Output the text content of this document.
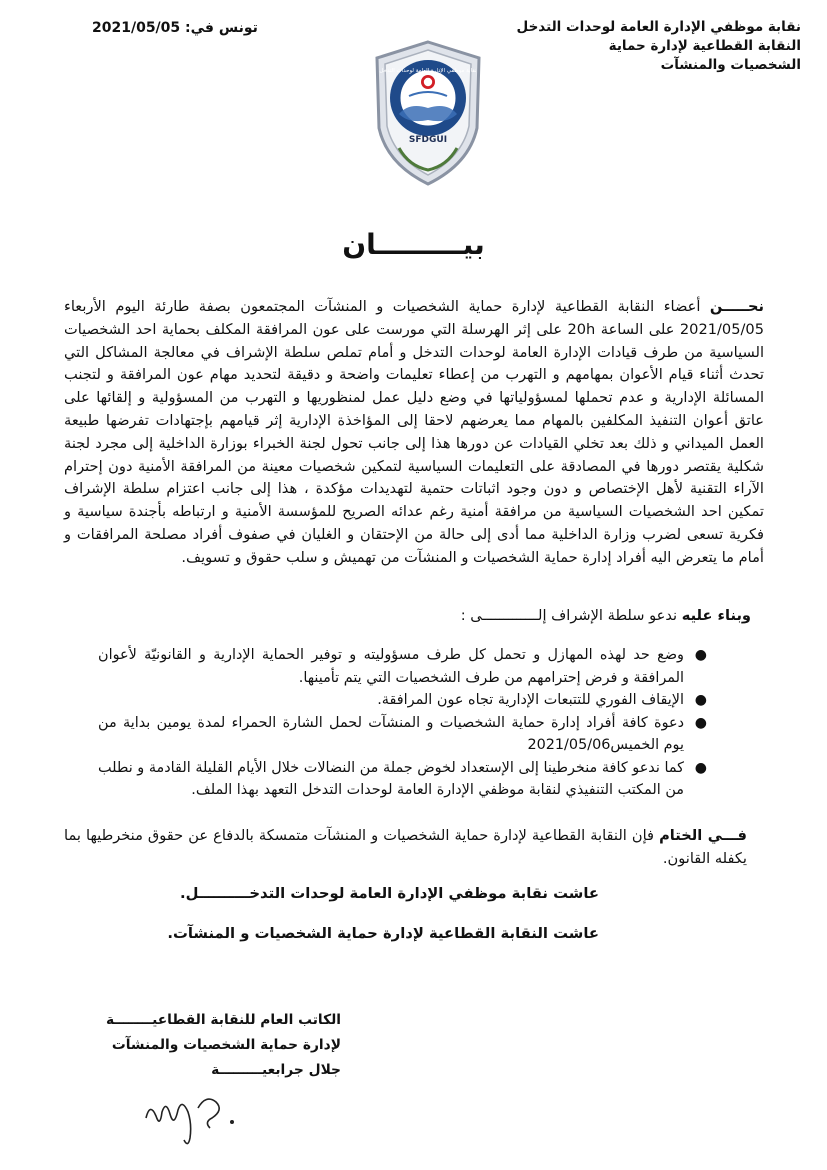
نقابة موظفي الإدارة العامة لوحدات التدخل
النقابة القطاعية لإدارة حماية
الشخصيات والمنشآت
تونس في: 2021/05/05
نقابة موظفي الإدارة العامة لوحدات التدخل
SFDGUI
بيـــــــــان
نحـــــن أعضاء النقابة القطاعية لإدارة حماية الشخصيات و المنشآت المجتمعون بصفة طارئة اليوم الأربعاء 2021/05/05 على الساعة 20h على إثر الهرسلة التي مورست على عون المرافقة المكلف بحماية احد الشخصيات السياسية من طرف قيادات الإدارة العامة لوحدات التدخل و أمام تملص سلطة الإشراف في معالجة المشاكل التي تحدث أثناء قيام الأعوان بمهامهم و التهرب من إعطاء تعليمات واضحة و دقيقة لتحديد مهام عون المرافقة و لتجنب المسائلة الإدارية و عدم تحملها لمسؤولياتها في وضع دليل عمل لمنظوريها و التهرب من المسؤولية و إلقائها على عاتق أعوان التنفيذ المكلفين بالمهام مما يعرضهم لاحقا إلى المؤاخذة الإدارية إثر قيامهم بإجتهادات تفرضها طبيعة العمل الميداني و ذلك بعد تخلي القيادات عن دورها هذا إلى جانب تحول لجنة الخبراء بوزارة الداخلية إلى مجرد لجنة شكلية يقتصر دورها في المصادقة على التعليمات السياسية لتمكين شخصيات معينة من المرافقة الأمنية دون إحترام الآراء التقنية لأهل الإختصاص و دون وجود اثباتات حتمية لتهديدات مؤكدة ، هذا إلى جانب اعتزام سلطة الإشراف تمكين احد الشخصيات السياسية من مرافقة أمنية رغم عدائه الصريح للمؤسسة الأمنية و ارتباطه بأجندة سياسية و فكرية تسعى لضرب وزارة الداخلية مما أدى إلى حالة من الإحتقان و الغليان في صفوف أفراد مصلحة المرافقات و أمام ما يتعرض اليه أفراد إدارة حماية الشخصيات و المنشآت من تهميش و سلب حقوق و تسويف.
وبناء عليه ندعو سلطة الإشراف إلـــــــــــــى :
●
وضع حد لهذه المهازل و تحمل كل طرف مسؤوليته و توفير الحماية الإدارية و القانونيّة لأعوان المرافقة و فرض إحترامهم من طرف الشخصيات التي يتم تأمينها.
●
الإيقاف الفوري للتتبعات الإدارية تجاه عون المرافقة.
●
دعوة كافة أفراد إدارة حماية الشخصيات و المنشآت لحمل الشارة الحمراء لمدة يومين بداية من يوم الخميس2021/05/06
●
كما ندعو كافة منخرطينا إلى الإستعداد لخوض جملة من النضالات خلال الأيام القليلة القادمة و نطلب من المكتب التنفيذي لنقابة موظفي الإدارة العامة لوحدات التدخل التعهد بهذا الملف.
فـــي الختام فإن النقابة القطاعية لإدارة حماية الشخصيات و المنشآت متمسكة بالدفاع عن حقوق منخرطيها بما يكفله القانون.
عاشت نقابة موظفي الإدارة العامة لوحدات التدخــــــــــل.
عاشت النقابة القطاعية لإدارة حماية الشخصيات و المنشآت.
الكاتب العام للنقابة القطاعيــــــــة
لإدارة حماية الشخصيات والمنشآت
جلال جرابعيـــــــــة
